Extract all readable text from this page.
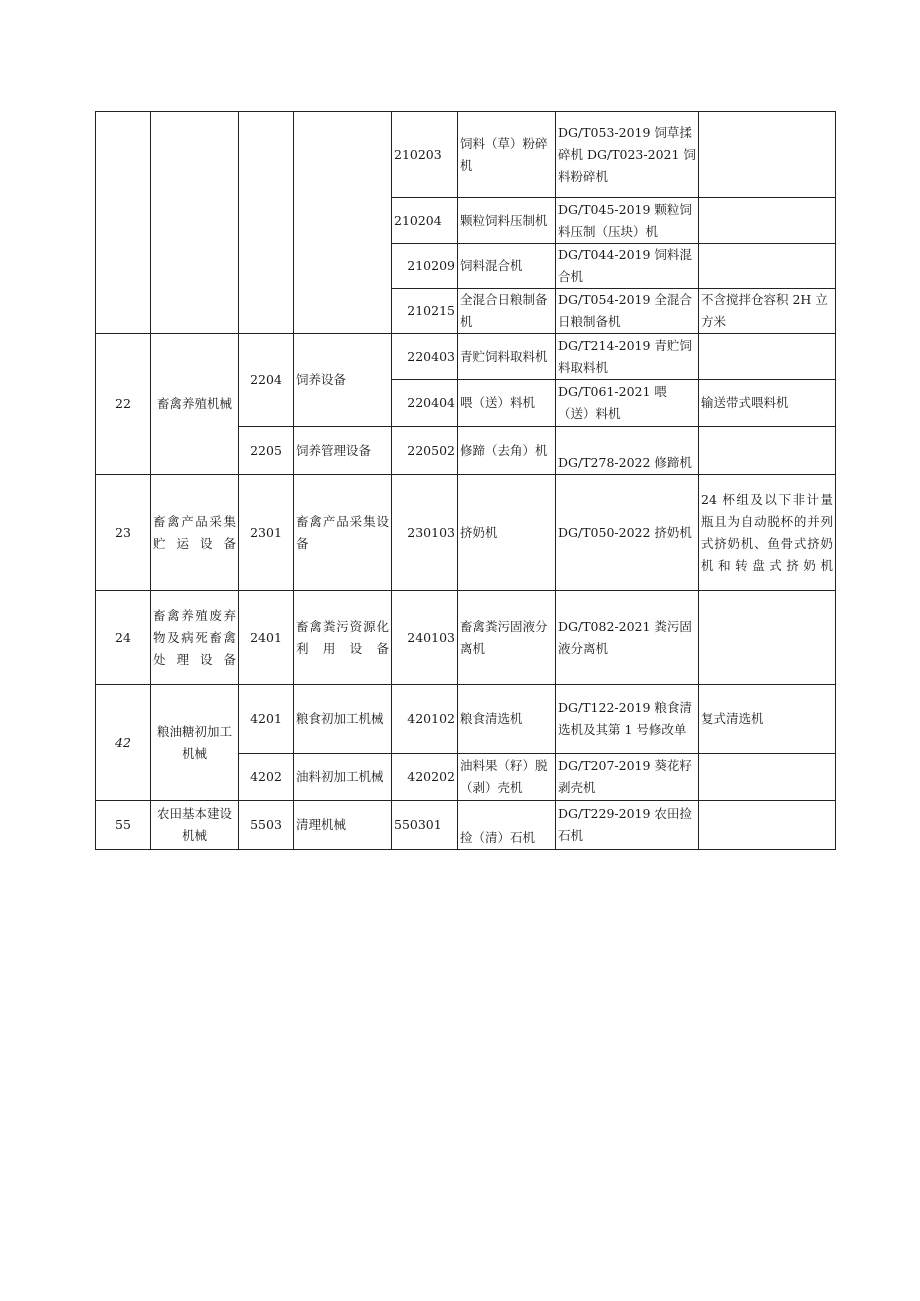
				210203	饲料（草）粉碎机	DG/T053-2019 饲草揉碎机 DG/T023-2021 饲料粉碎机	
				210204	颗粒饲料压制机	DG/T045-2019 颗粒饲料压制（压块）机	
				210209	饲料混合机	DG/T044-2019 饲料混合机	
				210215	全混合日粮制备机	DG/T054-2019 全混合日粮制备机	不含搅拌仓容积 2H 立方米
22	畜禽养殖机械	2204	饲养设备	220403	青贮饲料取料机	DG/T214-2019 青贮饲料取料机	
				220404	喂（送）料机	DG/T061-2021 喂（送）料机	输送带式喂料机
		2205	饲养管理设备	220502	修蹄（去角）机	DG/T278-2022 修蹄机	
23	畜禽产品采集贮运设备	2301	畜禽产品采集设备	230103	挤奶机	DG/T050-2022 挤奶机	24 杯组及以下非计量瓶且为自动脱杯的并列式挤奶机、鱼骨式挤奶机和转盘式挤奶机
24	畜禽养殖废弃物及病死畜禽处理设备	2401	畜禽粪污资源化利用设备	240103	畜禽粪污固液分离机	DG/T082-2021 粪污固液分离机	
42	粮油糖初加工机械	4201	粮食初加工机械	420102	粮食清选机	DG/T122-2019 粮食清选机及其第 1 号修改单	复式清选机
		4202	油料初加工机械	420202	油料果（籽）脱（剥）壳机	DG/T207-2019 葵花籽剥壳机	
55	农田基本建设机械	5503	清理机械	550301	捡（清）石机	DG/T229-2019 农田捡石机	
